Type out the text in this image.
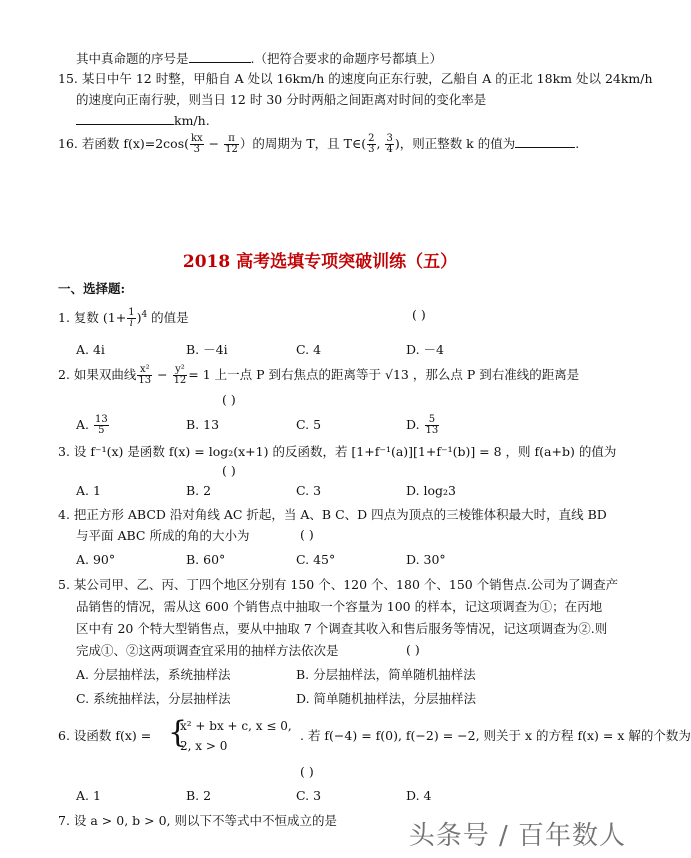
其中真命题的序号是	.（把符合要求的命题序号都填上）
15. 某日中午 12 时整，甲船自 A 处以 16km/h 的速度向正东行驶，乙船自 A 的正北 18km 处以 24km/h
的速度向正南行驶，则当日 12 时 30 分时两船之间距离对时间的变化率是
km/h.
16. 若函数 $f(x)=2\cos( \frac{kx}{3} - \frac{\pi}{12}$ ）的周期为 T，且 T∈( $\frac{2}{3}$ , $\frac{3}{4}$ )，则正整数 k 的值为	.
2018 高考选填专项突破训练（五）
一、选择题:
1. 复数 $(1+ \frac{1}{i} )^4$ 的值是	( )
A. 4i	B. －4i	C. 4	D. －4
2. 如果双曲线 $\frac{\text{x²}}{13} - \frac{\text{y²}}{12} = 1$ 上一点 P 到右焦点的距离等于 √13 ，那么点 P 到右准线的距离是
( )
A. $\frac{13}{5}$	B. 13	C. 5	D. $\frac{5}{13}$
3. 设 f⁻¹(x) 是函数 f(x) = log₂(x+1) 的反函数，若 [1+f⁻¹(a)][1+f⁻¹(b)] = 8 ，则 f(a+b) 的值为
( )
A. 1	B. 2	C. 3	D. log₂3
4. 把正方形 ABCD 沿对角线 AC 折起，当 A、B C、D 四点为顶点的三棱锥体积最大时，直线 BD
与平面 ABC 所成的角的大小为	( )
A. 90°	B. 60°	C. 45°	D. 30°
5. 某公司甲、乙、丙、丁四个地区分别有 150 个、120 个、180 个、150 个销售点.公司为了调查产
品销售的情况，需从这 600 个销售点中抽取一个容量为 100 的样本，记这项调查为①；在丙地
区中有 20 个特大型销售点，要从中抽取 7 个调查其收入和售后服务等情况，记这项调查为②.则
完成①、②这两项调查宜采用的抽样方法依次是	( )
A. 分层抽样法，系统抽样法	B. 分层抽样法，简单随机抽样法
C. 系统抽样法，分层抽样法	D. 简单随机抽样法，分层抽样法
6. 设函数 f(x) = {
x² + bx + c, x ≤ 0,
2, x > 0
. 若 f(−4) = f(0), f(−2) = −2, 则关于 x 的方程 f(x) = x 解的个数为
( )
A. 1	B. 2	C. 3	D. 4
7. 设 a > 0, b > 0, 则以下不等式中不恒成立的是
头条号 / 百年数人
